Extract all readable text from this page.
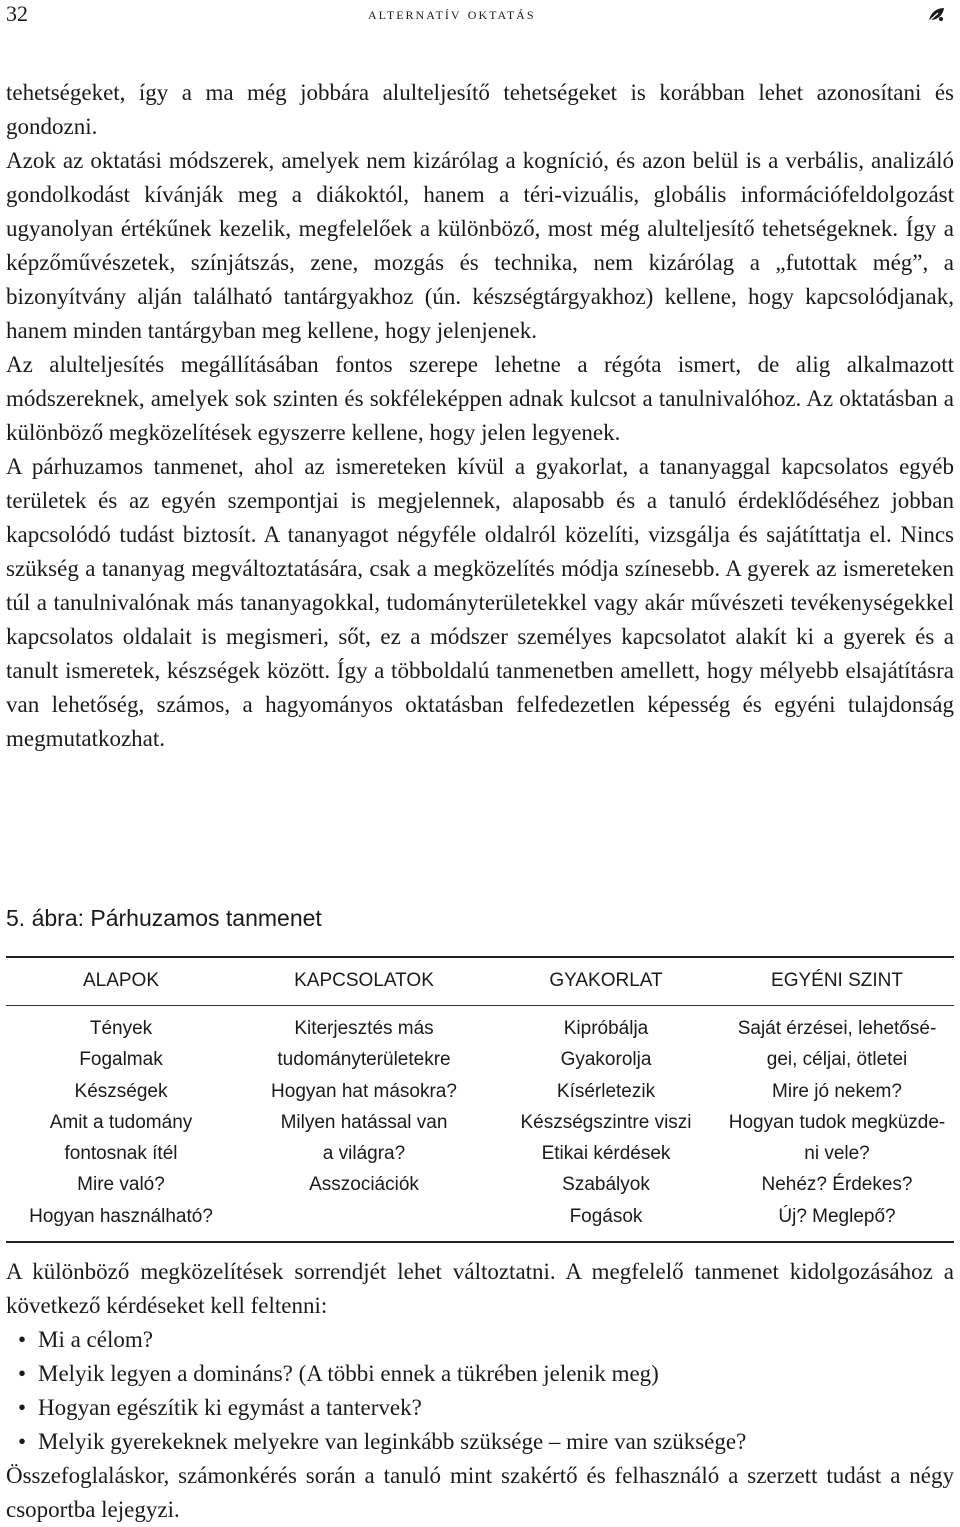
32	alternatív oktatás

tehetségeket, így a ma még jobbára alulteljesítő tehetségeket is korábban lehet azonosítani és gondozni.

Azok az oktatási módszerek, amelyek nem kizárólag a kogníció, és azon belül is a verbális, analizáló gondolkodást kívánják meg a diákoktól, hanem a téri-vizuális, globális információfeldolgozást ugyanolyan értékűnek kezelik, megfelelőek a különböző, most még alulteljesítő tehetségeknek. Így a képzőművészetek, színjátszás, zene, mozgás és technika, nem kizárólag a „futottak még”, a bizonyítvány alján található tantárgyakhoz (ún. készségtárgyakhoz) kellene, hogy kapcsolódjanak, hanem minden tantárgyban meg kellene, hogy jelenjenek.

Az alulteljesítés megállításában fontos szerepe lehetne a régóta ismert, de alig alkalmazott módszereknek, amelyek sok szinten és sokféleképpen adnak kulcsot a tanulnivalóhoz. Az oktatásban a különböző megközelítések egyszerre kellene, hogy jelen legyenek.

A párhuzamos tanmenet, ahol az ismereteken kívül a gyakorlat, a tananyaggal kapcsolatos egyéb területek és az egyén szempontjai is megjelennek, alaposabb és a tanuló érdeklődéséhez jobban kapcsolódó tudást biztosít. A tananyagot négyféle oldalról közelíti, vizsgálja és sajátíttatja el. Nincs szükség a tananyag megváltoztatására, csak a megközelítés módja színesebb. A gyerek az ismereteken túl a tanulnivalónak más tananyagokkal, tudományterületekkel vagy akár művészeti tevékenységekkel kapcsolatos oldalait is megismeri, sőt, ez a módszer személyes kapcsolatot alakít ki a gyerek és a tanult ismeretek, készségek között. Így a többoldalú tanmenetben amellett, hogy mélyebb elsajátításra van lehetőség, számos, a hagyományos oktatásban felfedezetlen képesség és egyéni tulajdonság megmutatkozhat.

5. ábra: Párhuzamos tanmenet
ALAPOK
Tények
Fogalmak
Készségek
Amit a tudomány
fontosnak ítél
Mire való?
Hogyan használható?
KAPCSOLATOK
Kiterjesztés más
tudományterületekre
Hogyan hat másokra?
Milyen hatással van
a világra?
Asszociációk
GYAKORLAT
Kipróbálja
Gyakorolja
Kísérletezik
Készségszintre viszi
Etikai kérdések
Szabályok
Fogások
EGYÉNI SZINT
Saját érzései, lehetősé-
gei, céljai, ötletei
Mire jó nekem?
Hogyan tudok megküzde-
ni vele?
Nehéz? Érdekes?
Új? Meglepő?

A különböző megközelítések sorrendjét lehet változtatni. A megfelelő tanmenet kidolgozásához a következő kérdéseket kell feltenni:

• Mi a célom?
• Melyik legyen a domináns? (A többi ennek a tükrében jelenik meg)
• Hogyan egészítik ki egymást a tantervek?
• Melyik gyerekeknek melyekre van leginkább szüksége – mire van szüksége?

Összefoglaláskor, számonkérés során a tanuló mint szakértő és felhasználó a szerzett tudást a négy csoportba lejegyzi.
